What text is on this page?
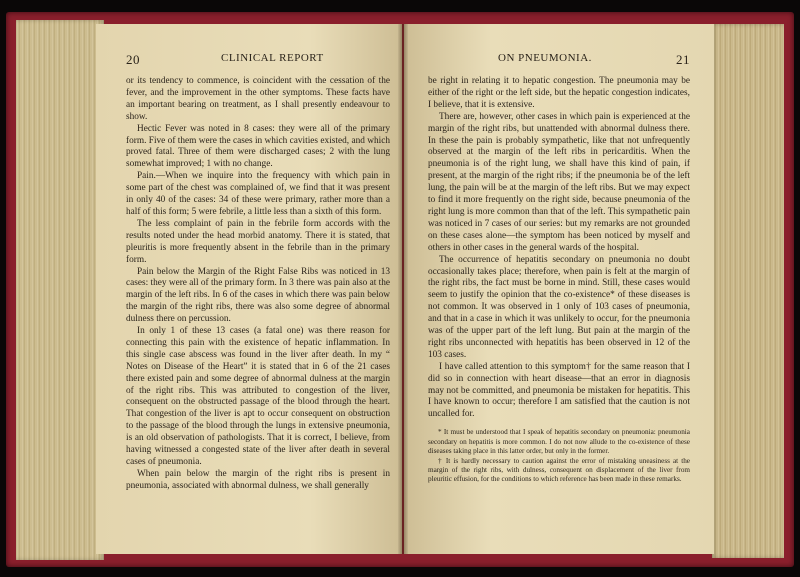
20	CLINICAL REPORT

or its tendency to commence, is coincident with the cessation of the fever, and the improvement in the other symptoms. These facts have an important bearing on treatment, as I shall presently endeavour to show.

Hectic Fever was noted in 8 cases: they were all of the primary form. Five of them were the cases in which cavities existed, and which proved fatal. Three of them were discharged cases; 2 with the lung somewhat improved; 1 with no change.

Pain.—When we inquire into the frequency with which pain in some part of the chest was complained of, we find that it was present in only 40 of the cases: 34 of these were primary, rather more than a half of this form; 5 were febrile, a little less than a sixth of this form.

The less complaint of pain in the febrile form accords with the results noted under the head morbid anatomy. There it is stated, that pleuritis is more frequently absent in the febrile than in the primary form.

Pain below the Margin of the Right False Ribs was noticed in 13 cases: they were all of the primary form. In 3 there was pain also at the margin of the left ribs. In 6 of the cases in which there was pain below the margin of the right ribs, there was also some degree of abnormal dulness there on percussion.

In only 1 of these 13 cases (a fatal one) was there reason for connecting this pain with the existence of hepatic inflammation. In this single case abscess was found in the liver after death. In my “ Notes on Disease of the Heart” it is stated that in 6 of the 21 cases there existed pain and some degree of abnormal dulness at the margin of the right ribs. This was attributed to congestion of the liver, consequent on the obstructed passage of the blood through the heart. That congestion of the liver is apt to occur consequent on obstruction to the passage of the blood through the lungs in extensive pneumonia, is an old observation of pathologists. That it is correct, I believe, from having witnessed a congested state of the liver after death in several cases of pneumonia.

When pain below the margin of the right ribs is present in pneumonia, associated with abnormal dulness, we shall generally

ON PNEUMONIA.	21

be right in relating it to hepatic congestion. The pneumonia may be either of the right or the left side, but the hepatic congestion indicates, I believe, that it is extensive.

There are, however, other cases in which pain is experienced at the margin of the right ribs, but unattended with abnormal dulness there. In these the pain is probably sympathetic, like that not unfrequently observed at the margin of the left ribs in pericarditis. When the pneumonia is of the right lung, we shall have this kind of pain, if present, at the margin of the right ribs; if the pneumonia be of the left lung, the pain will be at the margin of the left ribs. But we may expect to find it more frequently on the right side, because pneumonia of the right lung is more common than that of the left. This sympathetic pain was noticed in 7 cases of our series: but my remarks are not grounded on these cases alone—the symptom has been noticed by myself and others in other cases in the general wards of the hospital.

The occurrence of hepatitis secondary on pneumonia no doubt occasionally takes place; therefore, when pain is felt at the margin of the right ribs, the fact must be borne in mind. Still, these cases would seem to justify the opinion that the co-existence* of these diseases is not common. It was observed in 1 only of 103 cases of pneumonia, and that in a case in which it was unlikely to occur, for the pneumonia was of the upper part of the left lung. But pain at the margin of the right ribs unconnected with hepatitis has been observed in 12 of the 103 cases.

I have called attention to this symptom† for the same reason that I did so in connection with heart disease—that an error in diagnosis may not be committed, and pneumonia be mistaken for hepatitis. This I have known to occur; therefore I am satisfied that the caution is not uncalled for.

* It must be understood that I speak of hepatitis secondary on pneumonia: pneumonia secondary on hepatitis is more common. I do not now allude to the co-existence of these diseases taking place in this latter order, but only in the former.

† It is hardly necessary to caution against the error of mistaking uneasiness at the margin of the right ribs, with dulness, consequent on displacement of the liver from pleuritic effusion, for the conditions to which reference has been made in these remarks.
